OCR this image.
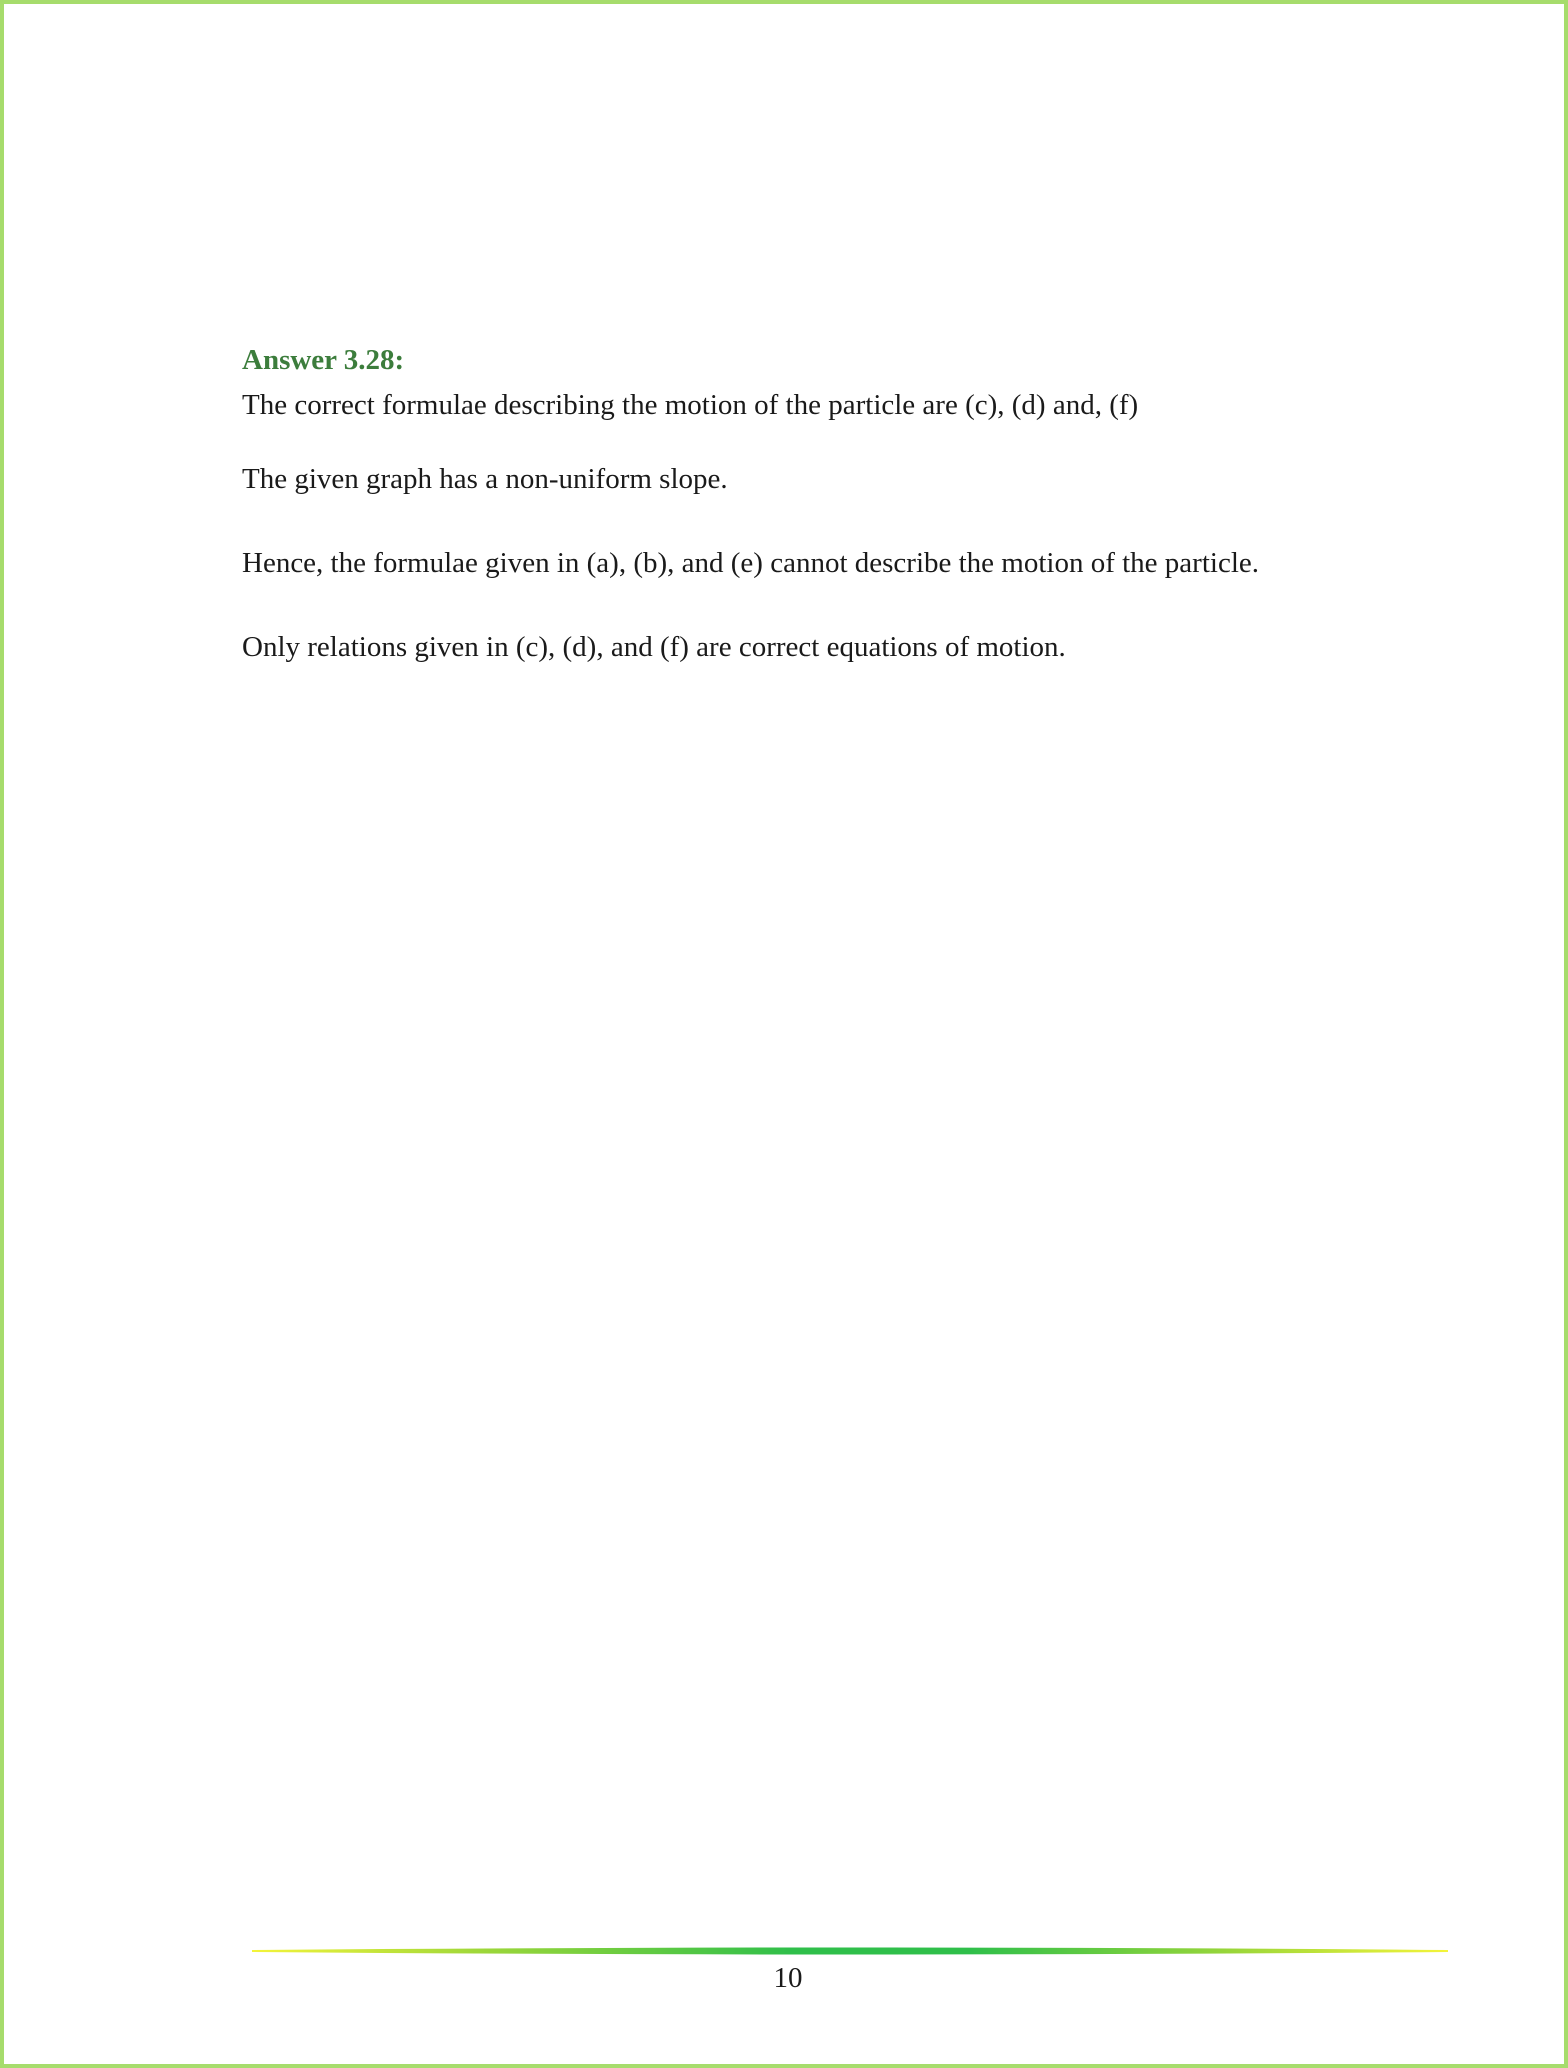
Answer 3.28:
The correct formulae describing the motion of the particle are (c), (d) and, (f)
The given graph has a non-uniform slope.
Hence, the formulae given in (a), (b), and (e) cannot describe the motion of the particle.
Only relations given in (c), (d), and (f) are correct equations of motion.
10
